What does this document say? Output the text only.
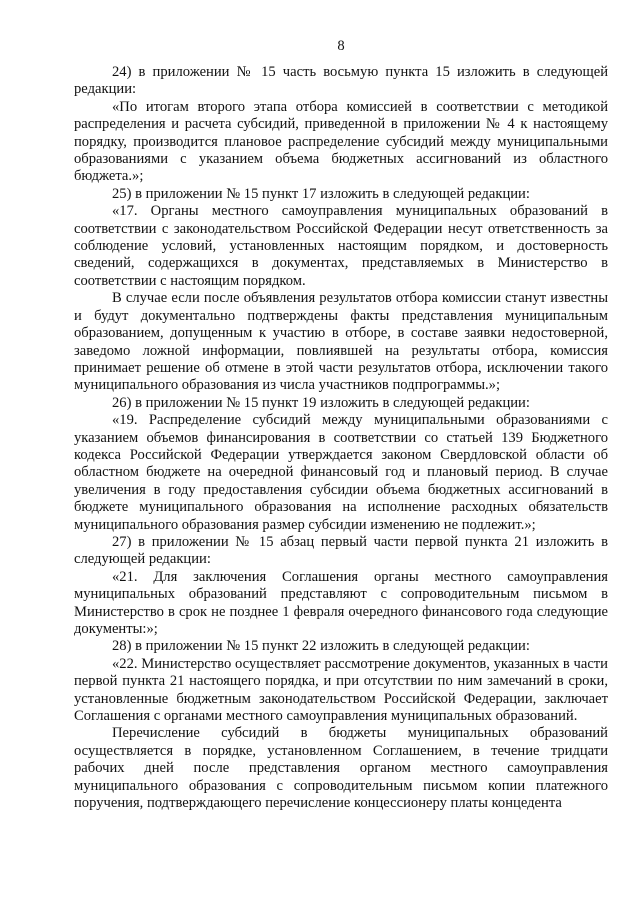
8

24) в приложении № 15 часть восьмую пункта 15 изложить в следующей редакции:

«По итогам второго этапа отбора комиссией в соответствии с методикой распределения и расчета субсидий, приведенной в приложении № 4 к настоящему порядку, производится плановое распределение субсидий между муниципальными образованиями с указанием объема бюджетных ассигнований из областного бюджета.»;

25) в приложении № 15 пункт 17 изложить в следующей редакции:

«17. Органы местного самоуправления муниципальных образований в соответствии с законодательством Российской Федерации несут ответственность за соблюдение условий, установленных настоящим порядком, и достоверность сведений, содержащихся в документах, представляемых в Министерство в соответствии с настоящим порядком.

В случае если после объявления результатов отбора комиссии станут известны и будут документально подтверждены факты представления муниципальным образованием, допущенным к участию в отборе, в составе заявки недостоверной, заведомо ложной информации, повлиявшей на результаты отбора, комиссия принимает решение об отмене в этой части результатов отбора, исключении такого муниципального образования из числа участников подпрограммы.»;

26) в приложении № 15 пункт 19 изложить в следующей редакции:

«19. Распределение субсидий между муниципальными образованиями с указанием объемов финансирования в соответствии со статьей 139 Бюджетного кодекса Российской Федерации утверждается законом Свердловской области об областном бюджете на очередной финансовый год и плановый период. В случае увеличения в году предоставления субсидии объема бюджетных ассигнований в бюджете муниципального образования на исполнение расходных обязательств муниципального образования размер субсидии изменению не подлежит.»;

27) в приложении № 15 абзац первый части первой пункта 21 изложить в следующей редакции:

«21. Для заключения Соглашения органы местного самоуправления муниципальных образований представляют с сопроводительным письмом в Министерство в срок не позднее 1 февраля очередного финансового года следующие документы:»;

28) в приложении № 15 пункт 22 изложить в следующей редакции:

«22. Министерство осуществляет рассмотрение документов, указанных в части первой пункта 21 настоящего порядка, и при отсутствии по ним замечаний в сроки, установленные бюджетным законодательством Российской Федерации, заключает Соглашения с органами местного самоуправления муниципальных образований.

Перечисление субсидий в бюджеты муниципальных образований осуществляется в порядке, установленном Соглашением, в течение тридцати рабочих дней после представления органом местного самоуправления муниципального образования с сопроводительным письмом копии платежного поручения, подтверждающего перечисление концессионеру платы концедента
